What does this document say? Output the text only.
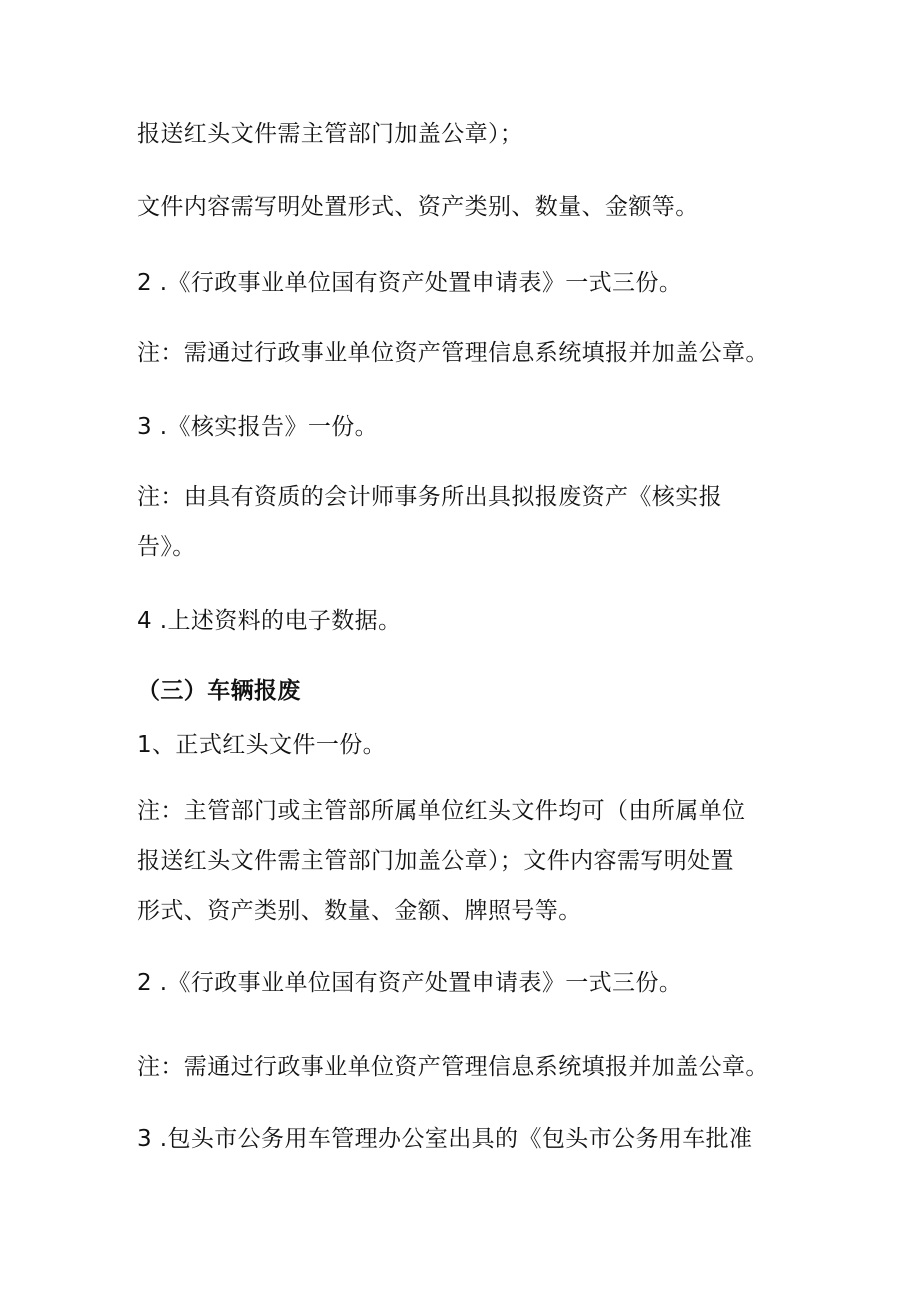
报送红头文件需主管部门加盖公章）；
文件内容需写明处置形式、资产类别、数量、金额等。
2 .《行政事业单位国有资产处置申请表》一式三份。
注：需通过行政事业单位资产管理信息系统填报并加盖公章。
3 .《核实报告》一份。
注：由具有资质的会计师事务所出具拟报废资产《核实报
告》。
4 .上述资料的电子数据。
（三）车辆报废
1、正式红头文件一份。
注：主管部门或主管部所属单位红头文件均可（由所属单位
报送红头文件需主管部门加盖公章）；文件内容需写明处置
形式、资产类别、数量、金额、牌照号等。
2 .《行政事业单位国有资产处置申请表》一式三份。
注：需通过行政事业单位资产管理信息系统填报并加盖公章。
3 .包头市公务用车管理办公室出具的《包头市公务用车批准
